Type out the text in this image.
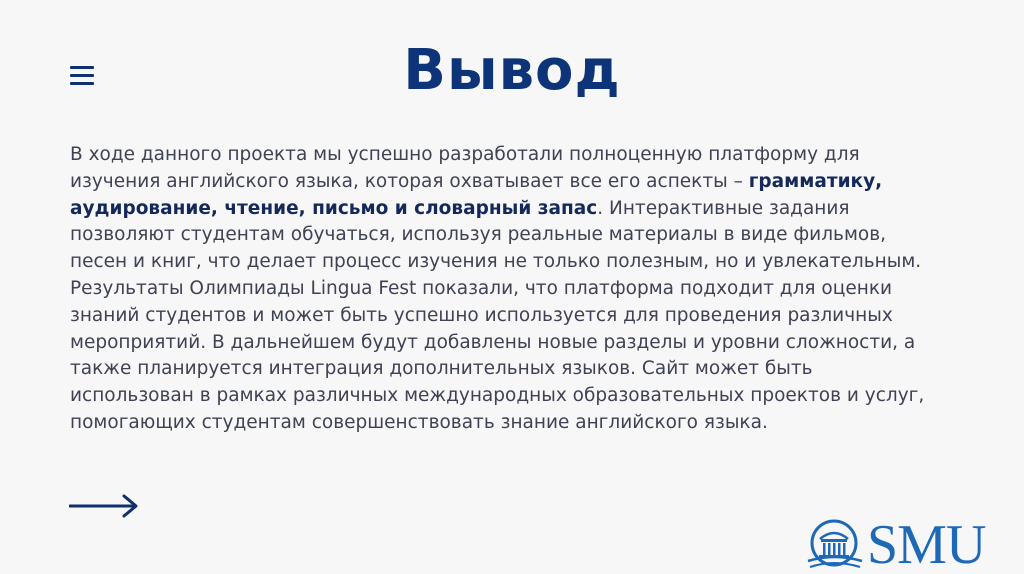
Вывод

В ходе данного проекта мы успешно разработали полноценную платформу для изучения английского языка, которая охватывает все его аспекты – грамматику, аудирование, чтение, письмо и словарный запас. Интерактивные задания позволяют студентам обучаться, используя реальные материалы в виде фильмов, песен и книг, что делает процесс изучения не только полезным, но и увлекательным. Результаты Олимпиады Lingua Fest показали, что платформа подходит для оценки знаний студентов и может быть успешно используется для проведения различных мероприятий. В дальнейшем будут добавлены новые разделы и уровни сложности, а также планируется интеграция дополнительных языков. Сайт может быть использован в рамках различных международных образовательных проектов и услуг, помогающих студентам совершенствовать знание английского языка.

SMU
